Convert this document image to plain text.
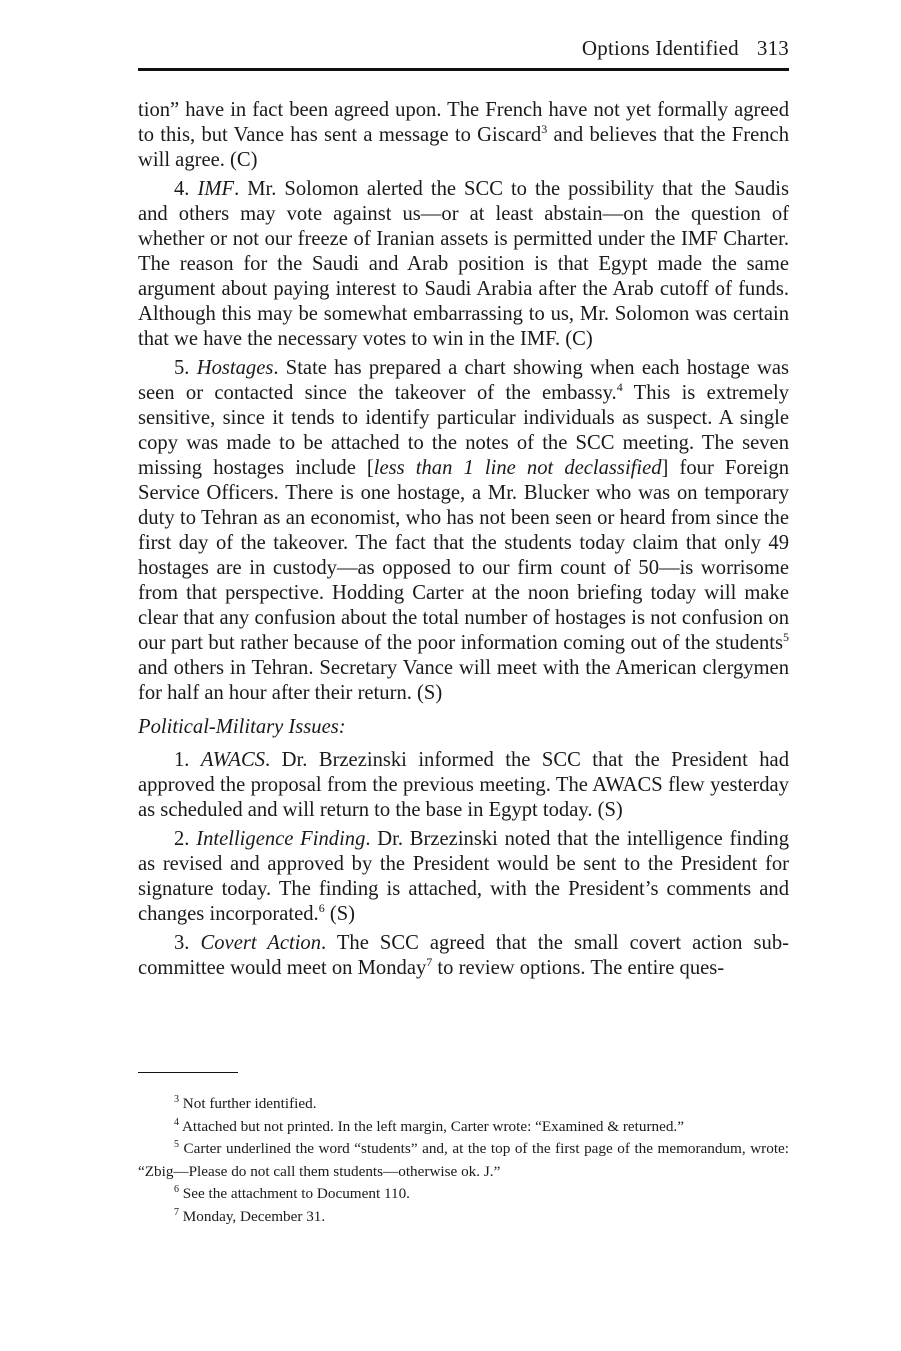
Options Identified 313

tion” have in fact been agreed upon. The French have not yet formally agreed to this, but Vance has sent a message to Giscard$^3$ and believes that the French will agree. (C)

4. IMF. Mr. Solomon alerted the SCC to the possibility that the Saudis and others may vote against us—or at least abstain—on the question of whether or not our freeze of Iranian assets is permitted under the IMF Charter. The reason for the Saudi and Arab position is that Egypt made the same argument about paying interest to Saudi Arabia after the Arab cutoff of funds. Although this may be somewhat embarrassing to us, Mr. Solomon was certain that we have the necessary votes to win in the IMF. (C)

5. Hostages. State has prepared a chart showing when each hostage was seen or contacted since the takeover of the embassy.$^4$ This is extremely sensitive, since it tends to identify particular individuals as suspect. A single copy was made to be attached to the notes of the SCC meeting. The seven missing hostages include [less than 1 line not declassified] four Foreign Service Officers. There is one hostage, a Mr. Blucker who was on temporary duty to Tehran as an economist, who has not been seen or heard from since the first day of the takeover. The fact that the students today claim that only 49 hostages are in custody—as opposed to our firm count of 50—is worrisome from that perspective. Hodding Carter at the noon briefing today will make clear that any confusion about the total number of hostages is not confusion on our part but rather because of the poor information coming out of the students$^5$ and others in Tehran. Secretary Vance will meet with the American clergymen for half an hour after their return. (S)

Political-Military Issues:

1. AWACS. Dr. Brzezinski informed the SCC that the President had approved the proposal from the previous meeting. The AWACS flew yesterday as scheduled and will return to the base in Egypt today. (S)

2. Intelligence Finding. Dr. Brzezinski noted that the intelligence finding as revised and approved by the President would be sent to the President for signature today. The finding is attached, with the President’s comments and changes incorporated.$^6$ (S)

3. Covert Action. The SCC agreed that the small covert action sub-committee would meet on Monday$^7$ to review options. The entire ques-

$^3$ Not further identified.

$^4$ Attached but not printed. In the left margin, Carter wrote: “Examined & returned.”

$^5$ Carter underlined the word “students” and, at the top of the first page of the memorandum, wrote: “Zbig—Please do not call them students—otherwise ok. J.”

$^6$ See the attachment to Document 110.

$^7$ Monday, December 31.
